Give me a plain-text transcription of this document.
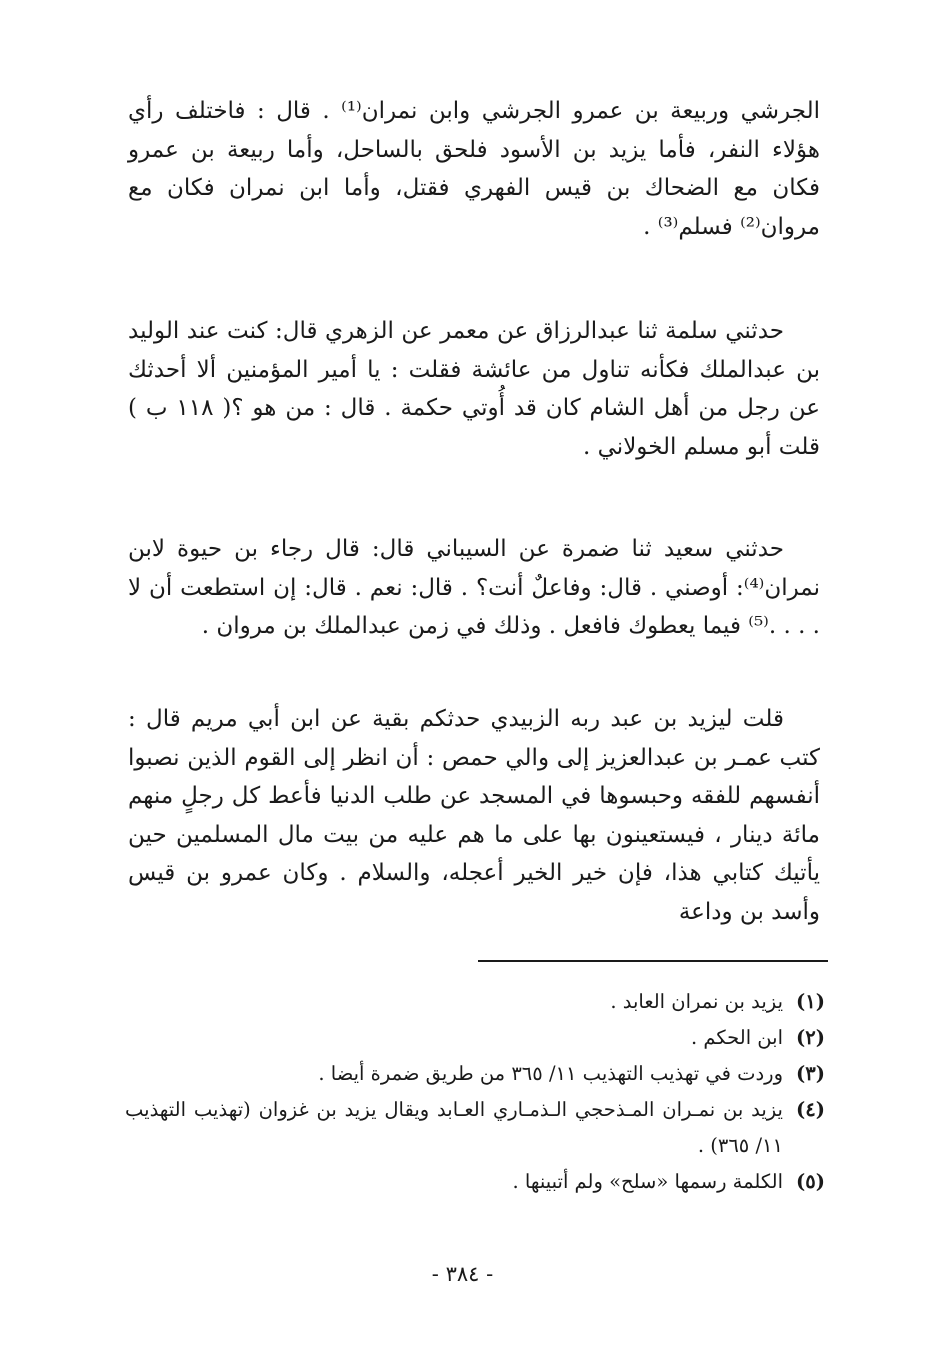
الجرشي وربيعة بن عمرو الجرشي وابن نمران⁽¹⁾ . قال : فاختلف رأي هؤلاء النفر، فأما يزيد بن الأسود فلحق بالساحل، وأما ربيعة بن عمرو فكان مع الضحاك بن قيس الفهري فقتل، وأما ابن نمران فكان مع مروان⁽²⁾ فسلم⁽³⁾ .

حدثني سلمة ثنا عبدالرزاق عن معمر عن الزهري قال: كنت عند الوليد بن عبدالملك فكأنه تناول من عائشة فقلت : يا أمير المؤمنين ألا أحدثك عن رجل من أهل الشام كان قد أُوتي حكمة . قال : من هو ؟( ١١٨ ب ) قلت أبو مسلم الخولاني .

حدثني سعيد ثنا ضمرة عن السيباني قال: قال رجاء بن حيوة لابن نمران⁽⁴⁾: أوصني . قال: وفاعلٌ أنت؟ . قال: نعم . قال: إن استطعت أن لا . . . .⁽⁵⁾ فيما يعطوك فافعل . وذلك في زمن عبدالملك بن مروان .

قلت ليزيد بن عبد ربه الزبيدي حدثكم بقية عن ابن أبي مريم قال : كتب عمـر بن عبدالعزيز إلى والي حمص : أن انظر إلى القوم الذين نصبوا أنفسهم للفقه وحبسوها في المسجد عن طلب الدنيا فأعط كل رجلٍ منهم مائة دينار ، فيستعينون بها على ما هم عليه من بيت مال المسلمين حين يأتيك كتابي هذا، فإن خير الخير أعجله، والسلام . وكان عمرو بن قيس وأسد بن وداعة

(١)
يزيد بن نمران العابد .
(٢)
ابن الحكم .
(٣)
وردت في تهذيب التهذيب ١١/ ٣٦٥ من طريق ضمرة أيضا .
(٤)
يزيد بن نمـران المـذحجي الـذمـاري العـابد ويقال يزيد بن غزوان (تهذيب التهذيب ١١/ ٣٦٥) .
(٥)
الكلمة رسمها «سلح» ولم أتبينها .
- ٣٨٤ -
